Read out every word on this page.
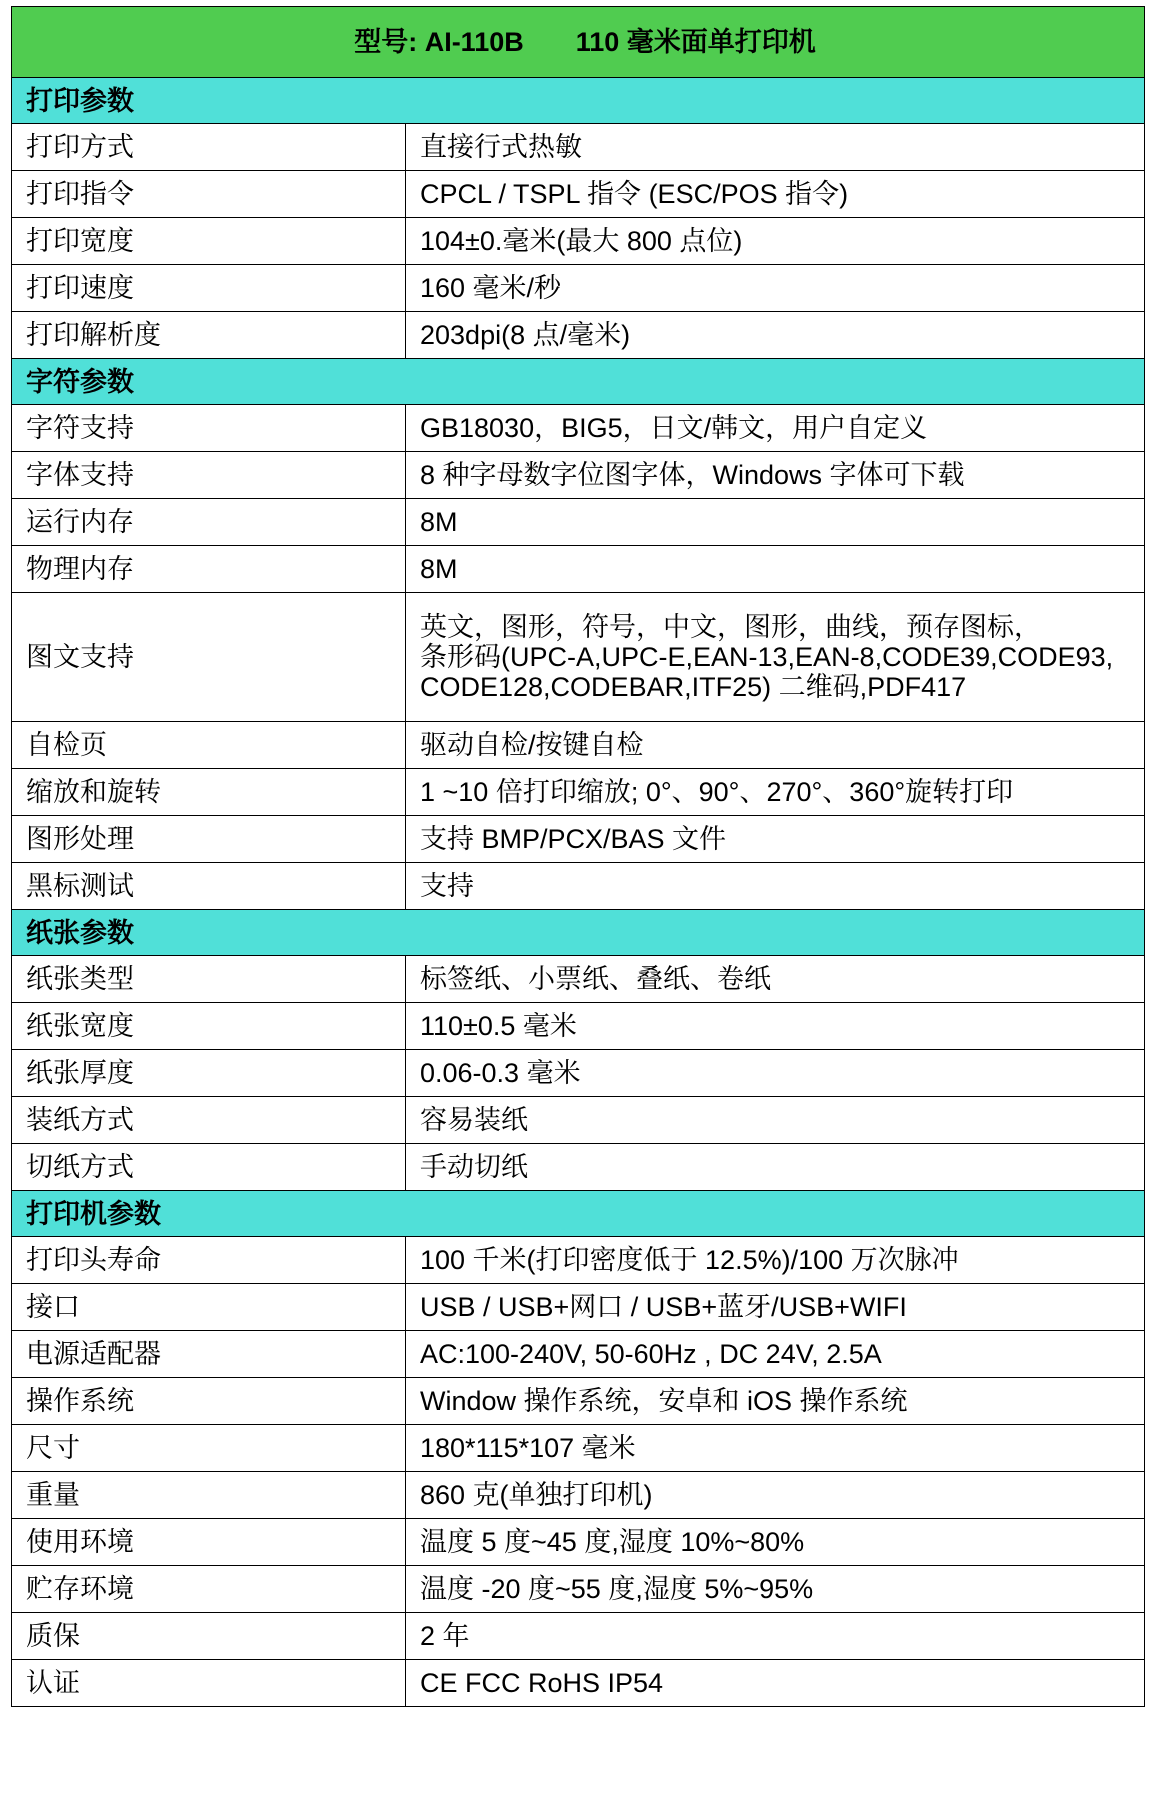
型号: AI-110B 110 毫米面单打印机	
打印参数	
打印方式	直接行式热敏
打印指令	CPCL / TSPL 指令 (ESC/POS 指令)
打印宽度	104±0.毫米(最大 800 点位)
打印速度	160 毫米/秒
打印解析度	203dpi(8 点/毫米)
字符参数	
字符支持	GB18030，BIG5，日文/韩文，用户自定义
字体支持	8 种字母数字位图字体，Windows 字体可下载
运行内存	8M
物理内存	8M
图文支持	英文，图形，符号，中文，图形，曲线，预存图标，
条形码(UPC-A,UPC-E,EAN-13,EAN-8,CODE39,CODE93,
CODE128,CODEBAR,ITF25) 二维码,PDF417
自检页	驱动自检/按键自检
缩放和旋转	1 ~10 倍打印缩放; 0°、90°、270°、360°旋转打印
图形处理	支持 BMP/PCX/BAS 文件
黑标测试	支持
纸张参数	
纸张类型	标签纸、小票纸、叠纸、卷纸
纸张宽度	110±0.5 毫米
纸张厚度	0.06-0.3 毫米
装纸方式	容易装纸
切纸方式	手动切纸
打印机参数	
打印头寿命	100 千米(打印密度低于 12.5%)/100 万次脉冲
接口	USB / USB+网口 / USB+蓝牙/USB+WIFI
电源适配器	AC:100-240V, 50-60Hz , DC 24V, 2.5A
操作系统	Window 操作系统，安卓和 iOS 操作系统
尺寸	180*115*107 毫米
重量	860 克(单独打印机)
使用环境	温度 5 度~45 度,湿度 10%~80%
贮存环境	温度 -20 度~55 度,湿度 5%~95%
质保	2 年
认证	CE FCC RoHS IP54
